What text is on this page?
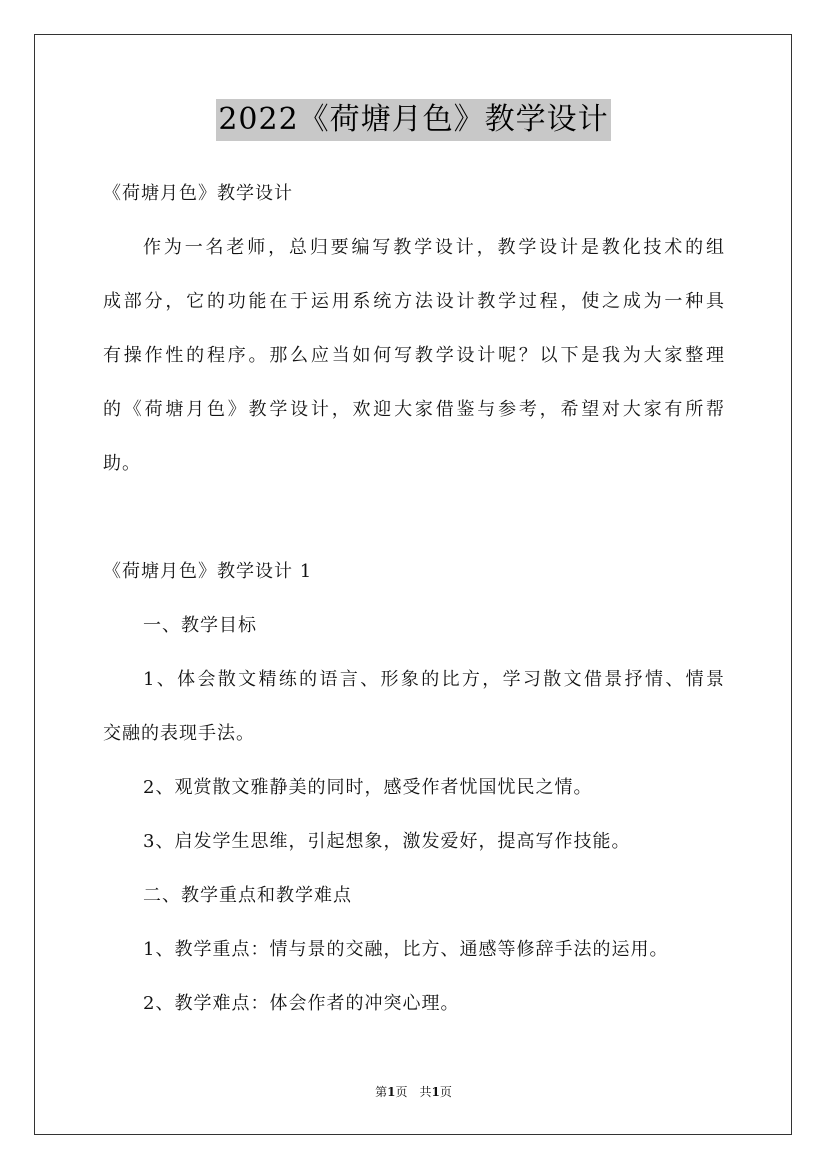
2022《荷塘月色》教学设计
《荷塘月色》教学设计
作为一名老师，总归要编写教学设计，教学设计是教化技术的组
成部分，它的功能在于运用系统方法设计教学过程，使之成为一种具
有操作性的程序。那么应当如何写教学设计呢？以下是我为大家整理
的《荷塘月色》教学设计，欢迎大家借鉴与参考，希望对大家有所帮
助。
《荷塘月色》教学设计 1
一、教学目标
1、体会散文精练的语言、形象的比方，学习散文借景抒情、情景
交融的表现手法。
2、观赏散文雅静美的同时，感受作者忧国忧民之情。
3、启发学生思维，引起想象，激发爱好，提高写作技能。
二、教学重点和教学难点
1、教学重点：情与景的交融，比方、通感等修辞手法的运用。
2、教学难点：体会作者的冲突心理。
第1页　共1页
